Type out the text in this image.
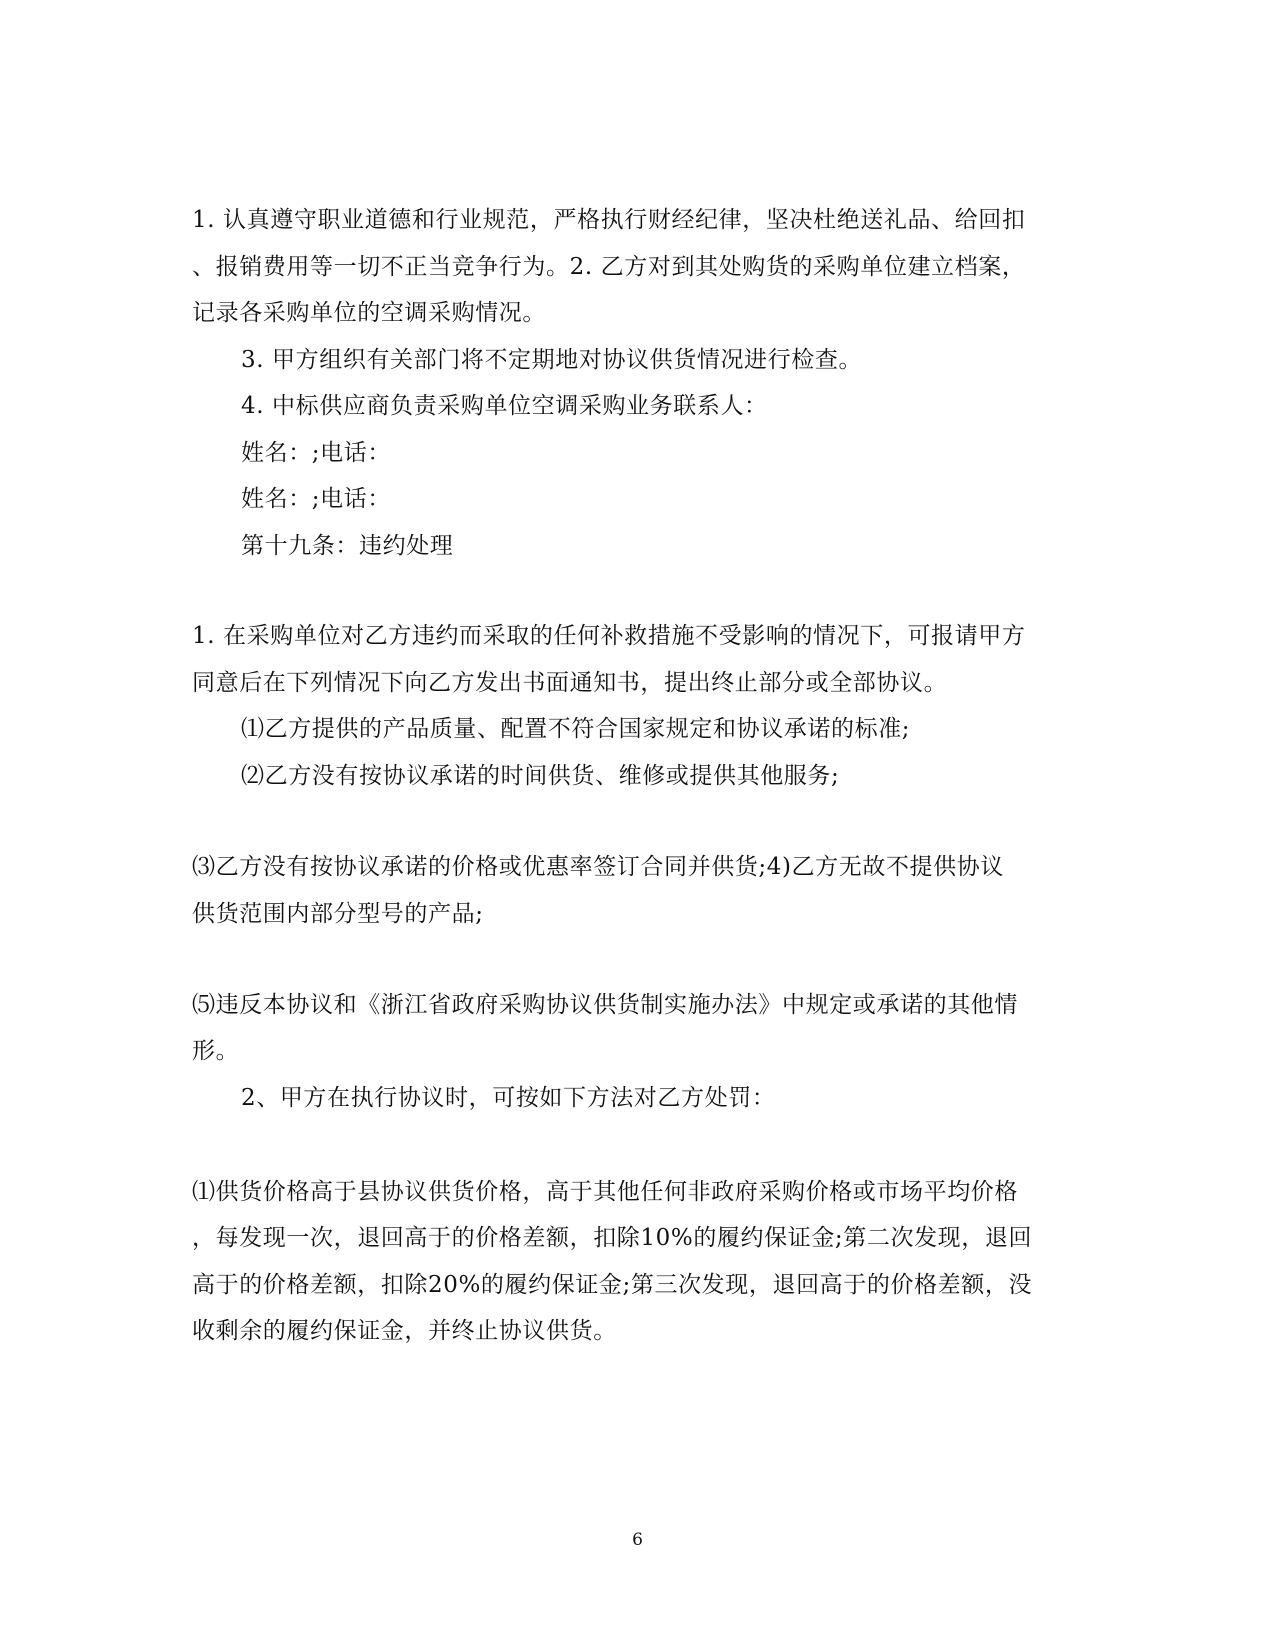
1. 认真遵守职业道德和行业规范，严格执行财经纪律，坚决杜绝送礼品、给回扣
、报销费用等一切不正当竞争行为。2. 乙方对到其处购货的采购单位建立档案，
记录各采购单位的空调采购情况。
3. 甲方组织有关部门将不定期地对协议供货情况进行检查。
4. 中标供应商负责采购单位空调采购业务联系人：
姓名：;电话：
姓名：;电话：
第十九条：违约处理
1. 在采购单位对乙方违约而采取的任何补救措施不受影响的情况下，可报请甲方
同意后在下列情况下向乙方发出书面通知书，提出终止部分或全部协议。
⑴乙方提供的产品质量、配置不符合国家规定和协议承诺的标准;
⑵乙方没有按协议承诺的时间供货、维修或提供其他服务;
⑶乙方没有按协议承诺的价格或优惠率签订合同并供货;4)乙方无故不提供协议
供货范围内部分型号的产品;
⑸违反本协议和《浙江省政府采购协议供货制实施办法》中规定或承诺的其他情
形。
2、甲方在执行协议时，可按如下方法对乙方处罚：
⑴供货价格高于县协议供货价格，高于其他任何非政府采购价格或市场平均价格
，每发现一次，退回高于的价格差额，扣除10%的履约保证金;第二次发现，退回
高于的价格差额，扣除20%的履约保证金;第三次发现，退回高于的价格差额，没
收剩余的履约保证金，并终止协议供货。
6
